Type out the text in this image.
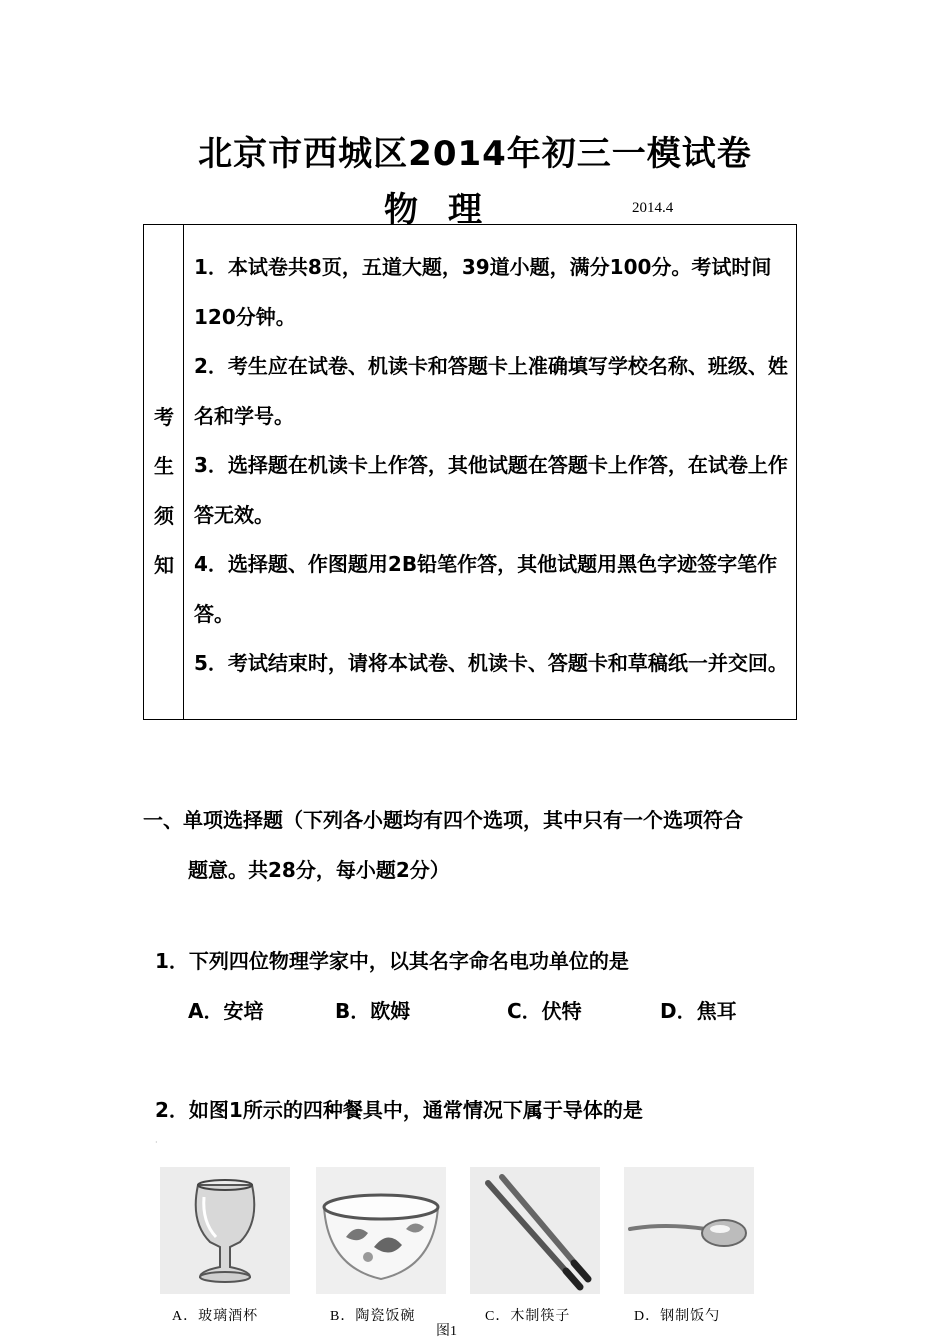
北京市西城区2014年初三一模试卷
物理	2014.4
考
生
须
知

1．本试卷共8页，五道大题，39道小题，满分100分。考试时间120分钟。

2．考生应在试卷、机读卡和答题卡上准确填写学校名称、班级、姓名和学号。

3．选择题在机读卡上作答，其他试题在答题卡上作答，在试卷上作答无效。

4．选择题、作图题用2B铅笔作答，其他试题用黑色字迹签字笔作答。

5．考试结束时，请将本试卷、机读卡、答题卡和草稿纸一并交回。

一、单项选择题（下列各小题均有四个选项，其中只有一个选项符合
题意。共28分，每小题2分）
1．下列四位物理学家中，以其名字命名电功单位的是
A．安培	B．欧姆	C．伏特	D．焦耳
2．如图1所示的四种餐具中，通常情况下属于导体的是
·
A．玻璃酒杯	B．陶瓷饭碗	C．木制筷子	D．钢制饭勺
图1
